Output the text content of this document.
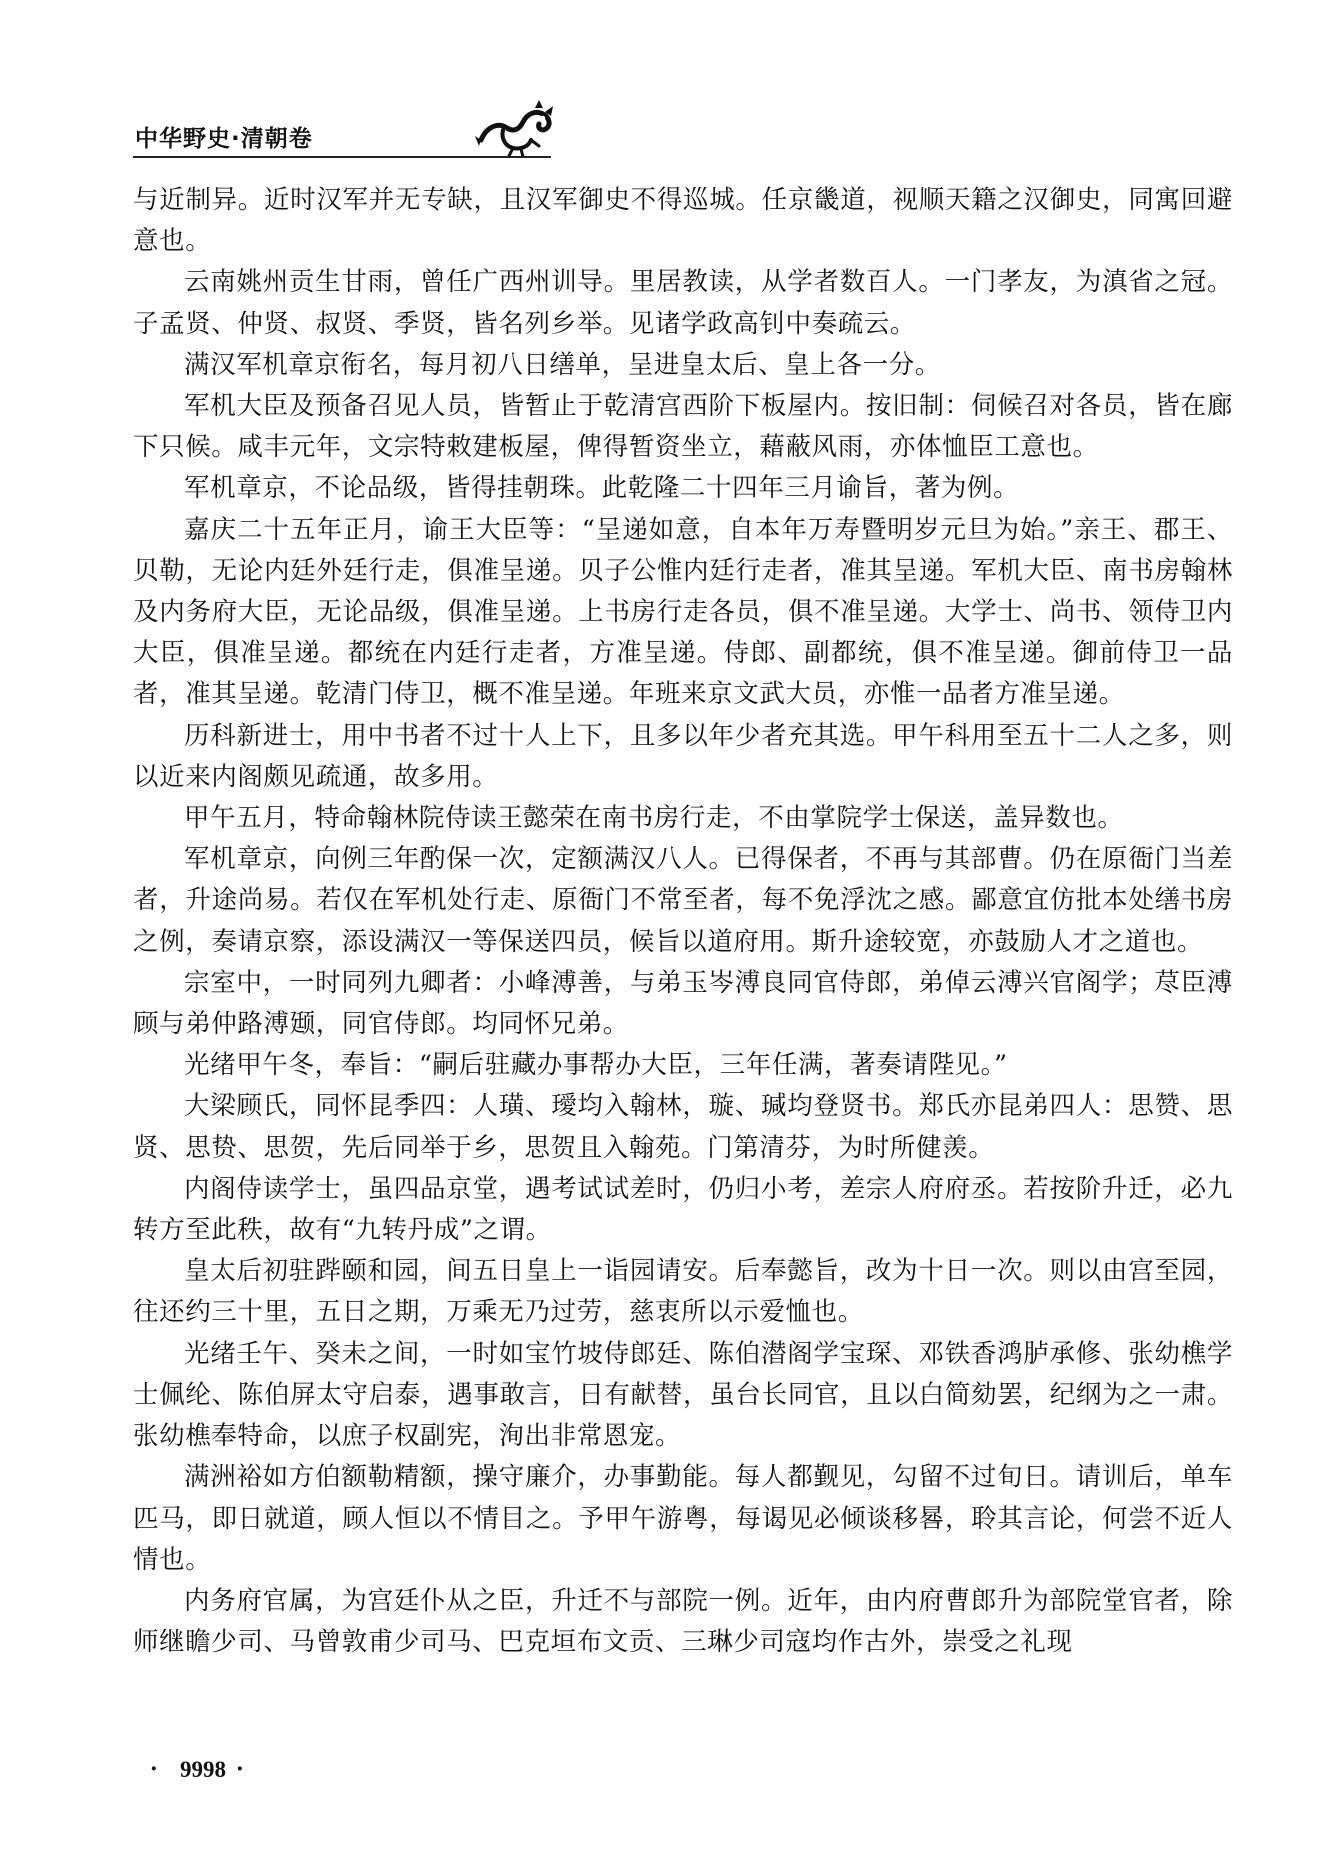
中华野史·清朝卷

与近制异。近时汉军并无专缺，且汉军御史不得巡城。任京畿道，视顺天籍之汉御史，同寓回避意也。

云南姚州贡生甘雨，曾任广西州训导。里居教读，从学者数百人。一门孝友，为滇省之冠。子孟贤、仲贤、叔贤、季贤，皆名列乡举。见诸学政高钊中奏疏云。

满汉军机章京衔名，每月初八日缮单，呈进皇太后、皇上各一分。

军机大臣及预备召见人员，皆暂止于乾清宫西阶下板屋内。按旧制：伺候召对各员，皆在廊下只候。咸丰元年，文宗特敕建板屋，俾得暂资坐立，藉蔽风雨，亦体恤臣工意也。

军机章京，不论品级，皆得挂朝珠。此乾隆二十四年三月谕旨，著为例。

嘉庆二十五年正月，谕王大臣等：“呈递如意，自本年万寿暨明岁元旦为始。”亲王、郡王、贝勒，无论内廷外廷行走，俱准呈递。贝子公惟内廷行走者，准其呈递。军机大臣、南书房翰林及内务府大臣，无论品级，俱准呈递。上书房行走各员，俱不准呈递。大学士、尚书、领侍卫内大臣，俱准呈递。都统在内廷行走者，方准呈递。侍郎、副都统，俱不准呈递。御前侍卫一品者，准其呈递。乾清门侍卫，概不准呈递。年班来京文武大员，亦惟一品者方准呈递。

历科新进士，用中书者不过十人上下，且多以年少者充其选。甲午科用至五十二人之多，则以近来内阁颇见疏通，故多用。

甲午五月，特命翰林院侍读王懿荣在南书房行走，不由掌院学士保送，盖异数也。

军机章京，向例三年酌保一次，定额满汉八人。已得保者，不再与其部曹。仍在原衙门当差者，升途尚易。若仅在军机处行走、原衙门不常至者，每不免浮沈之感。鄙意宜仿批本处缮书房之例，奏请京察，添设满汉一等保送四员，候旨以道府用。斯升途较宽，亦鼓励人才之道也。

宗室中，一时同列九卿者：小峰溥善，与弟玉岑溥良同官侍郎，弟倬云溥兴官阁学；荩臣溥顾与弟仲路溥颋，同官侍郎。均同怀兄弟。

光绪甲午冬，奉旨：“嗣后驻藏办事帮办大臣，三年任满，著奏请陛见。”

大梁顾氏，同怀昆季四：人璜、璦均入翰林，璇、瑊均登贤书。郑氏亦昆弟四人：思赞、思贤、思贽、思贺，先后同举于乡，思贺且入翰苑。门第清芬，为时所健羡。

内阁侍读学士，虽四品京堂，遇考试试差时，仍归小考，差宗人府府丞。若按阶升迁，必九转方至此秩，故有“九转丹成”之谓。

皇太后初驻跸颐和园，间五日皇上一诣园请安。后奉懿旨，改为十日一次。则以由宫至园，往还约三十里，五日之期，万乘无乃过劳，慈衷所以示爱恤也。

光绪壬午、癸未之间，一时如宝竹坡侍郎廷、陈伯潜阁学宝琛、邓铁香鸿胪承修、张幼樵学士佩纶、陈伯屏太守启泰，遇事敢言，日有献替，虽台长同官，且以白简劾罢，纪纲为之一肃。张幼樵奉特命，以庶子权副宪，洵出非常恩宠。

满洲裕如方伯额勒精额，操守廉介，办事勤能。每人都觐见，勾留不过旬日。请训后，单车匹马，即日就道，顾人恒以不情目之。予甲午游粤，每谒见必倾谈移晷，聆其言论，何尝不近人情也。

内务府官属，为宫廷仆从之臣，升迁不与部院一例。近年，由内府曹郎升为部院堂官者，除师继瞻少司、马曾敦甫少司马、巴克垣布文贡、三琳少司寇均作古外，崇受之礼现

· 9998 ·
